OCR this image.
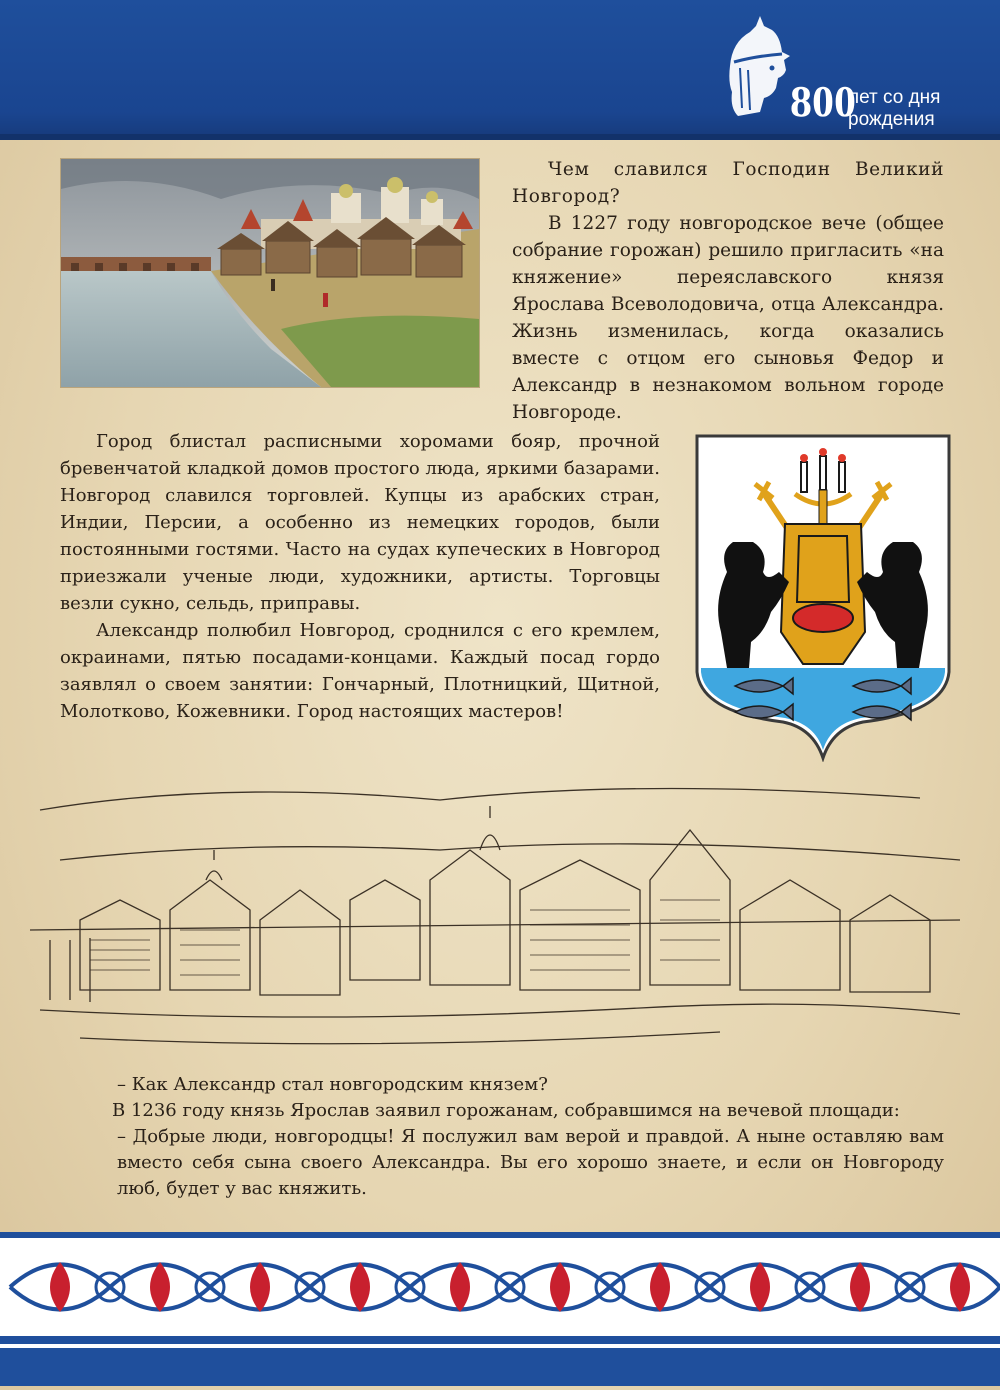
800
лет со дня
рождения

Чем славился Господин Великий Новгород?

В 1227 году новгородское вече (общее собрание горожан) решило пригласить «на княжение» переяславского князя Ярослава Всеволодовича, отца Александра. Жизнь изменилась, когда оказались вместе с отцом его сыновья Федор и Александр в незнакомом вольном городе Новгороде.

Город блистал расписными хоромами бояр, прочной бревенчатой кладкой домов простого люда, яркими базарами. Новгород славился торговлей. Купцы из арабских стран, Индии, Персии, а особенно из немецких городов, были постоянными гостями. Часто на судах купеческих в Новгород приезжали ученые люди, художники, артисты. Торговцы везли сукно, сельдь, приправы.

Александр полюбил Новгород, сроднился с его кремлем, окраинами, пятью посадами-концами. Каждый посад гордо заявлял о своем занятии: Гончарный, Плотницкий, Щитной, Молотково, Кожевники. Город настоящих мастеров!

– Как Александр стал новгородским князем?

В 1236 году князь Ярослав заявил горожанам, собравшимся на вечевой площади:

– Добрые люди, новгородцы! Я послужил вам верой и правдой. А ныне оставляю вам вместо себя сына своего Александра. Вы его хорошо знаете, и если он Новгороду люб, будет у вас княжить.
